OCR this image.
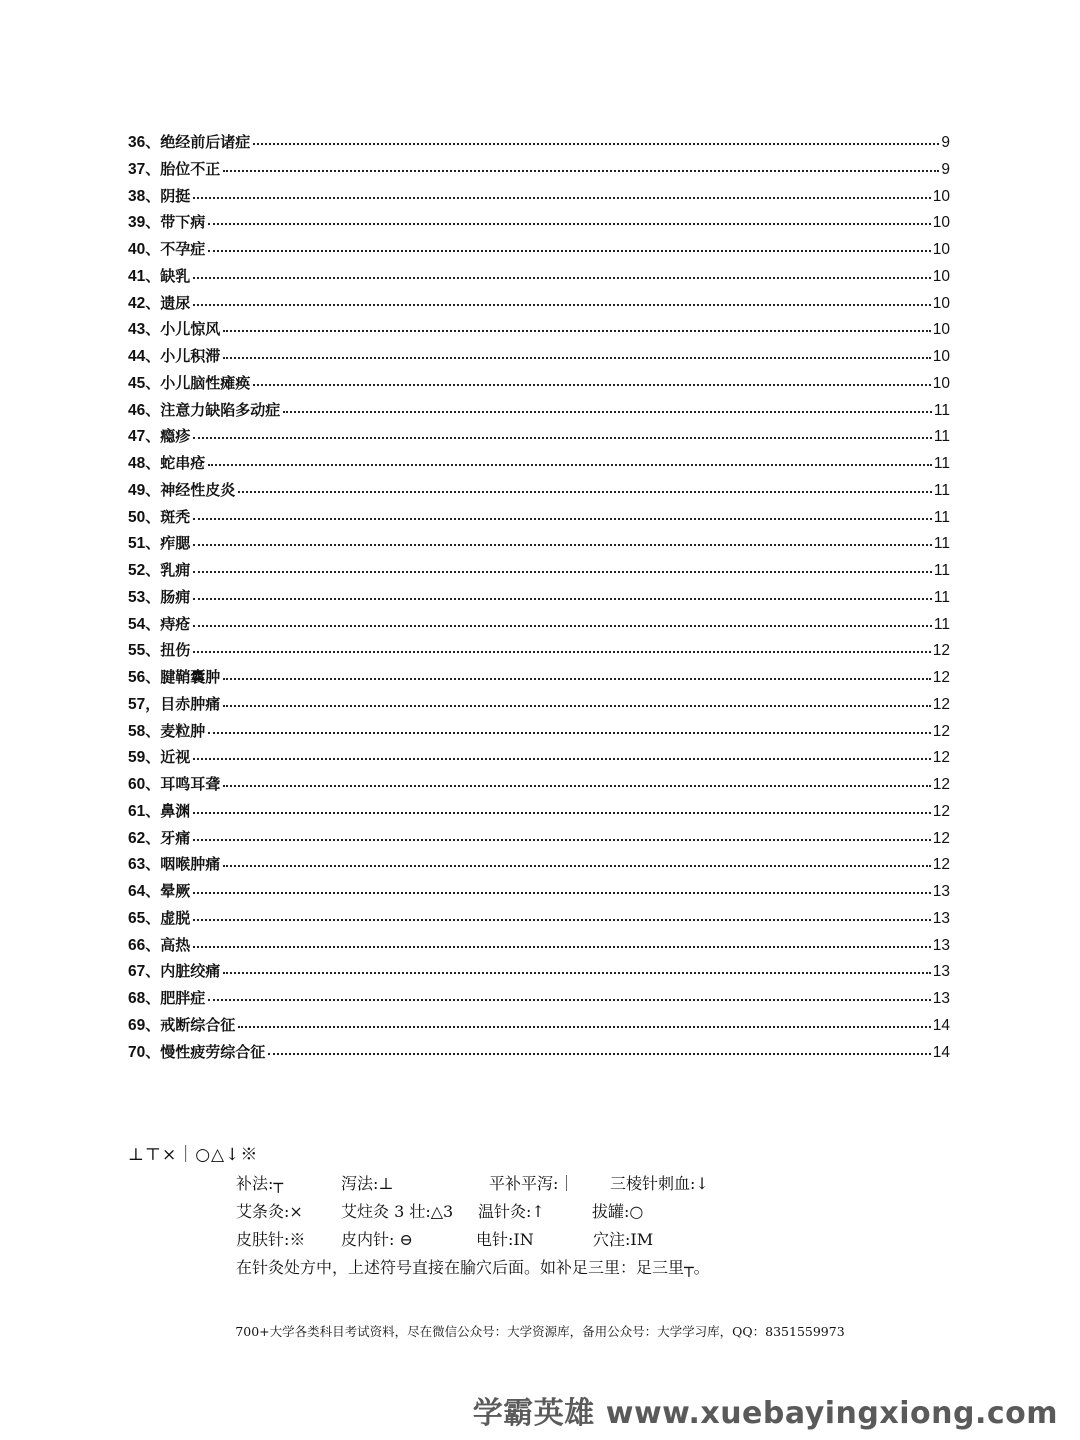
36 、 绝经前后诸症	9
37 、 胎位不正	9
38 、 阴挺	10
39 、 带下病	10
40 、 不孕症	10
41 、 缺乳	10
42 、 遗尿	10
43 、 小儿惊风	10
44 、 小儿积滞	10
45 、 小儿脑性瘫痪	10
46 、 注意力缺陷多动症	11
47 、 瘾疹	11
48 、 蛇串疮	11
49 、 神经性皮炎	11
50 、 斑秃	11
51 、 痄腮	11
52 、 乳痈	11
53 、 肠痈	11
54 、 痔疮	11
55 、 扭伤	12
56 、 腱鞘囊肿	12
57 ， 目赤肿痛	12
58 、 麦粒肿	12
59 、 近视	12
60 、 耳鸣耳聋	12
61 、 鼻渊	12
62 、 牙痛	12
63 、 咽喉肿痛	12
64 、 晕厥	13
65 、 虚脱	13
66 、 高热	13
67 、 内脏绞痛	13
68 、 肥胖症	13
69 、 戒断综合征	14
70 、 慢性疲劳综合征	14
⊥⊤×｜○△↓※
补法:┬	泻法:⊥	平补平泻:｜ 三棱针刺血:↓
艾条灸:× 艾炷灸 3 壮:△3 温针灸:↑	拔罐:○
皮肤针:※ 皮内针: ⊖	电针:IN	穴注:IM
在针灸处方中，上述符号直接在腧穴后面。如补足三里：足三里┬。
700+大学各类科目考试资料，尽在微信公众号：大学资源库，备用公众号：大学学习库，QQ：8351559973
学霸英雄 www.xuebayingxiong.com
